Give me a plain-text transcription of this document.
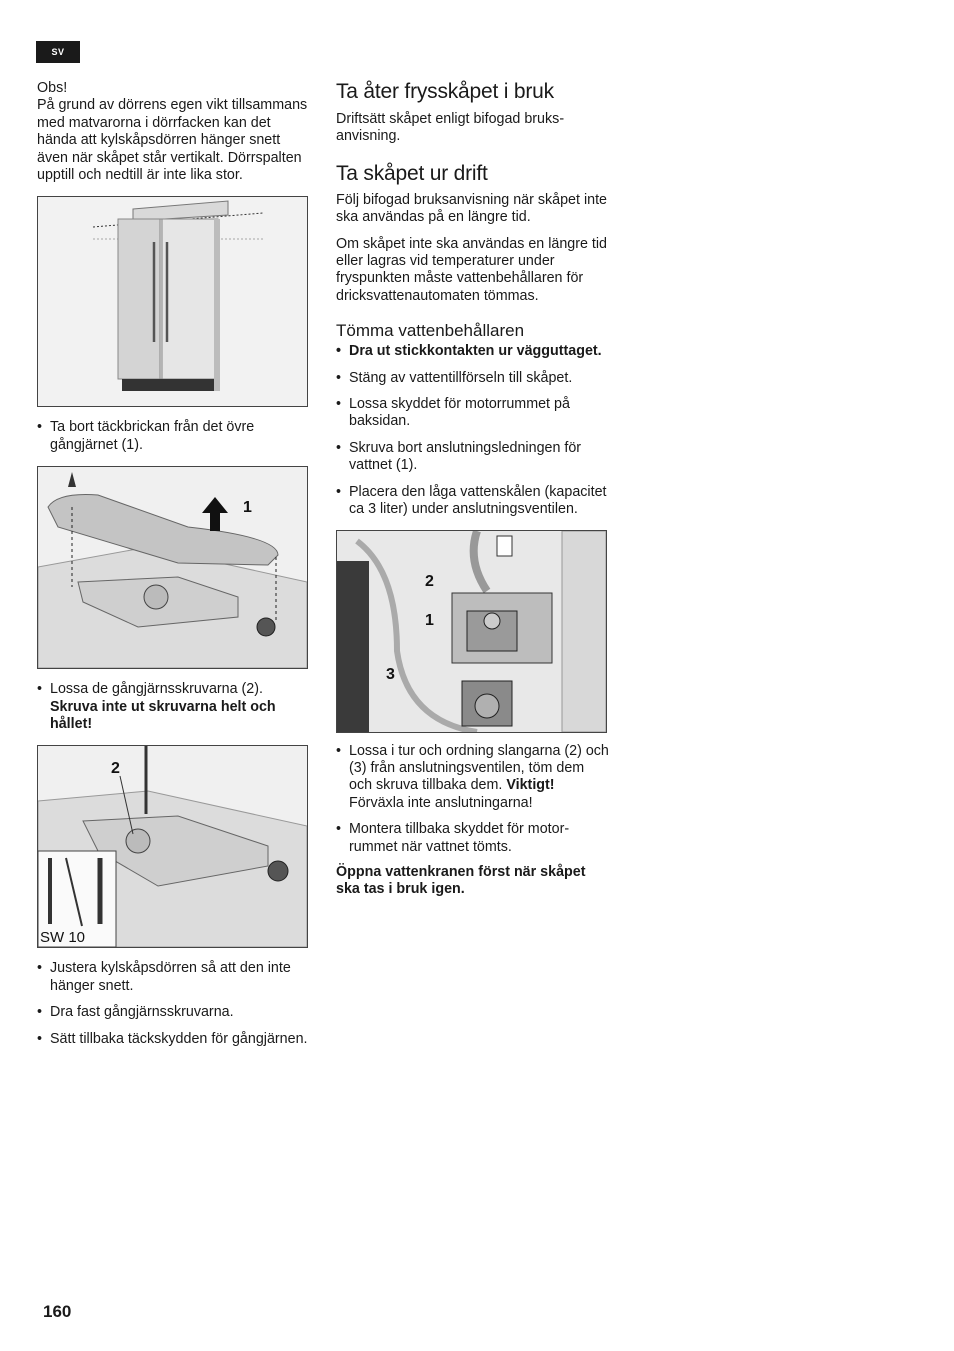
SV

Obs!

På grund av dörrens egen vikt tillsammans med matvarorna i dörrfacken kan det hända att kylskåpsdörren hänger snett även när skåpet står vertikalt. Dörrspalten upptill och nedtill är inte lika stor.

• Ta bort täckbrickan från det övre gångjärnet (1).
1
• Lossa de gångjärnsskruvarna (2).
Skruva inte ut skruvarna helt och hållet!
2
SW 10
• Justera kylskåpsdörren så att den inte hänger snett.
• Dra fast gångjärnsskruvarna.
• Sätt tillbaka täckskydden för gångjärnen.
Ta åter frysskåpet i bruk

Driftsätt skåpet enligt bifogad bruksanvisning.

Ta skåpet ur drift

Följ bifogad bruksanvisning när skåpet inte ska användas på en längre tid.

Om skåpet inte ska användas en längre tid eller lagras vid temperaturer under fryspunkten måste vattenbehållaren för dricksvattenautomaten tömmas.

Tömma vattenbehållaren
• Dra ut stickkontakten ur vägguttaget.
• Stäng av vattentillförseln till skåpet.
• Lossa skyddet för motorrummet på baksidan.
• Skruva bort anslutningsledningen för vattnet (1).
• Placera den låga vattenskålen (kapacitet ca 3 liter) under anslutningsventilen.
2
1
3
• Lossa i tur och ordning slangarna (2) och (3) från anslutningsventilen, töm dem och skruva tillbaka dem. Viktigt! Förväxla inte anslutningarna!
• Montera tillbaka skyddet för motorrummet när vattnet tömts.

Öppna vattenkranen först när skåpet ska tas i bruk igen.

160
